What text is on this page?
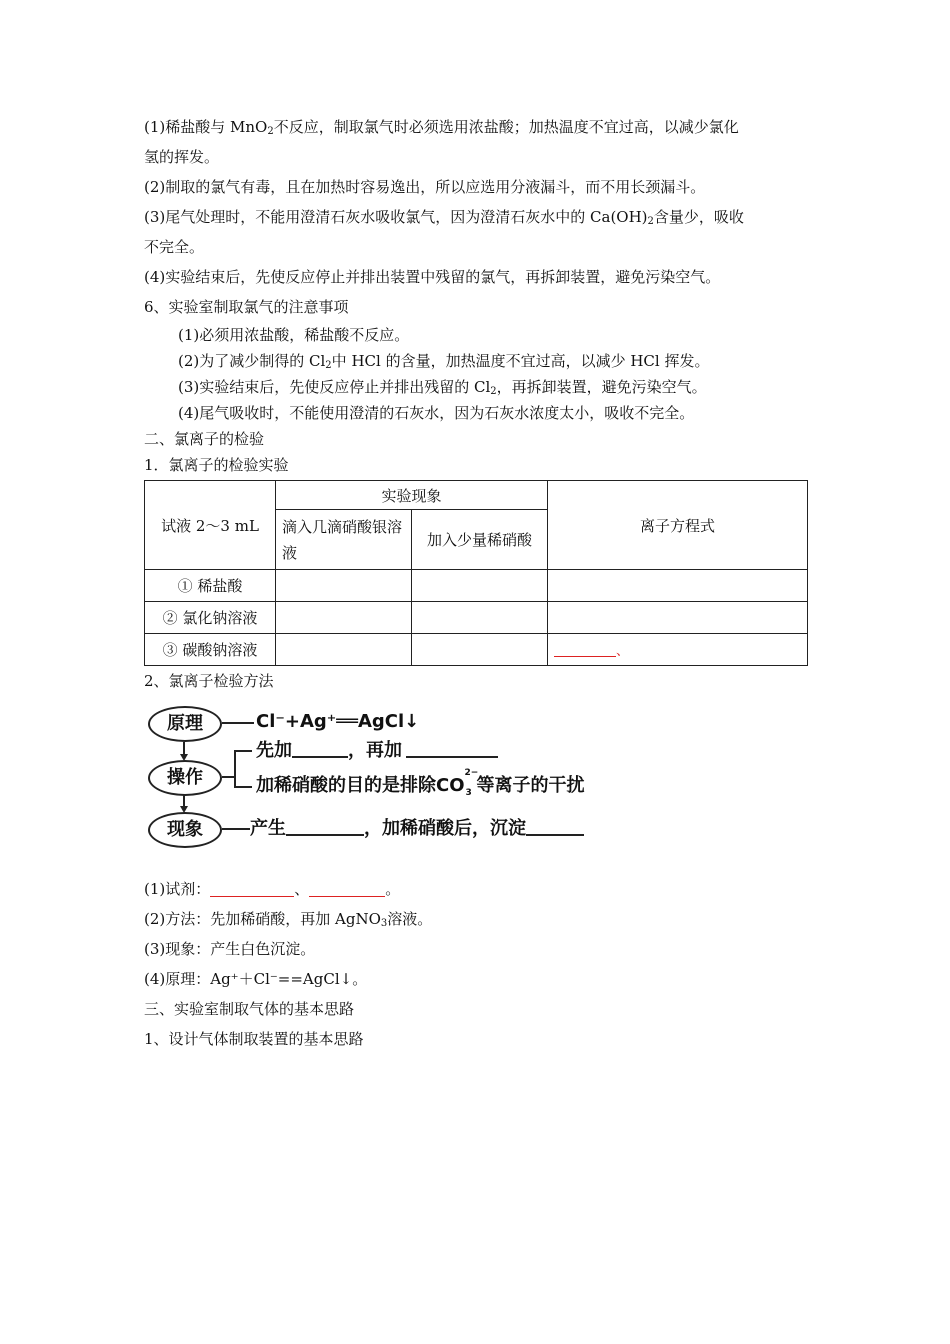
(1)稀盐酸与 MnO$_2$不反应，制取氯气时必须选用浓盐酸；加热温度不宜过高，以减少氯化

氢的挥发。

(2)制取的氯气有毒，且在加热时容易逸出，所以应选用分液漏斗，而不用长颈漏斗。

(3)尾气处理时，不能用澄清石灰水吸收氯气，因为澄清石灰水中的 $Ca(OH)_2$含量少，吸收

不完全。

(4)实验结束后，先使反应停止并排出装置中残留的氯气，再拆卸装置，避免污染空气。

6、实验室制取氯气的注意事项

(1)必须用浓盐酸，稀盐酸不反应。

(2)为了减少制得的 $Cl_2$中 HCl 的含量，加热温度不宜过高，以减少 HCl 挥发。

(3)实验结束后，先使反应停止并排出残留的 $Cl_2$，再拆卸装置，避免污染空气。

(4)尾气吸收时，不能使用澄清的石灰水，因为石灰水浓度太小，吸收不完全。

二、氯离子的检验

1．氯离子的检验实验

试液 2～3 mL	实验现象		离子方程式
	滴入几滴硝酸银溶液	加入少量稀硝酸	
① 稀盐酸			
② 氯化钠溶液			
③ 碳酸钠溶液			、

2、氯离子检验方法

原理	Cl⁻+Ag⁺══AgCl↓
操作
先加	，再加
加稀硝酸的目的是排除CO
2−
3 等离子的干扰
现象	产生	，加稀硝酸后，沉淀

(1)试剂：	、	。

(2)方法：先加稀硝酸，再加 AgNO$_3$溶液。

(3)现象：产生白色沉淀。

(4)原理：Ag⁺＋Cl⁻==AgCl↓。

三、实验室制取气体的基本思路

1、设计气体制取装置的基本思路
